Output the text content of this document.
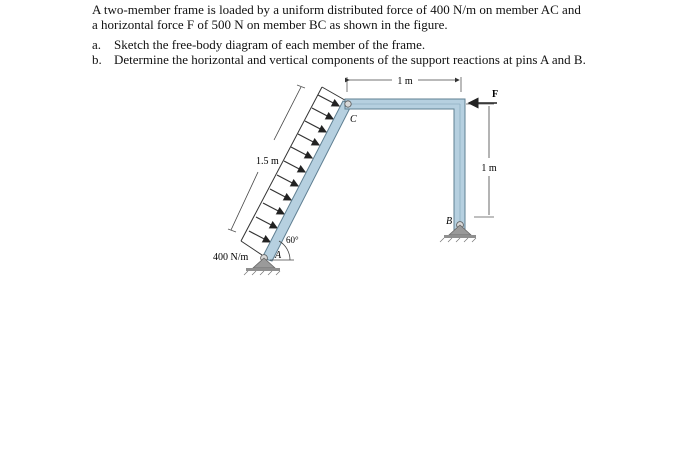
A two-member frame is loaded by a uniform distributed force of 400 N/m on member AC and

a horizontal force F of 500 N on member BC as shown in the figure.

a. Sketch the free-body diagram of each member of the frame.
b. Determine the horizontal and vertical components of the support reactions at pins A and B.
1 m
1 m
1.5 m
C
F
B
A
60°
400 N/m
